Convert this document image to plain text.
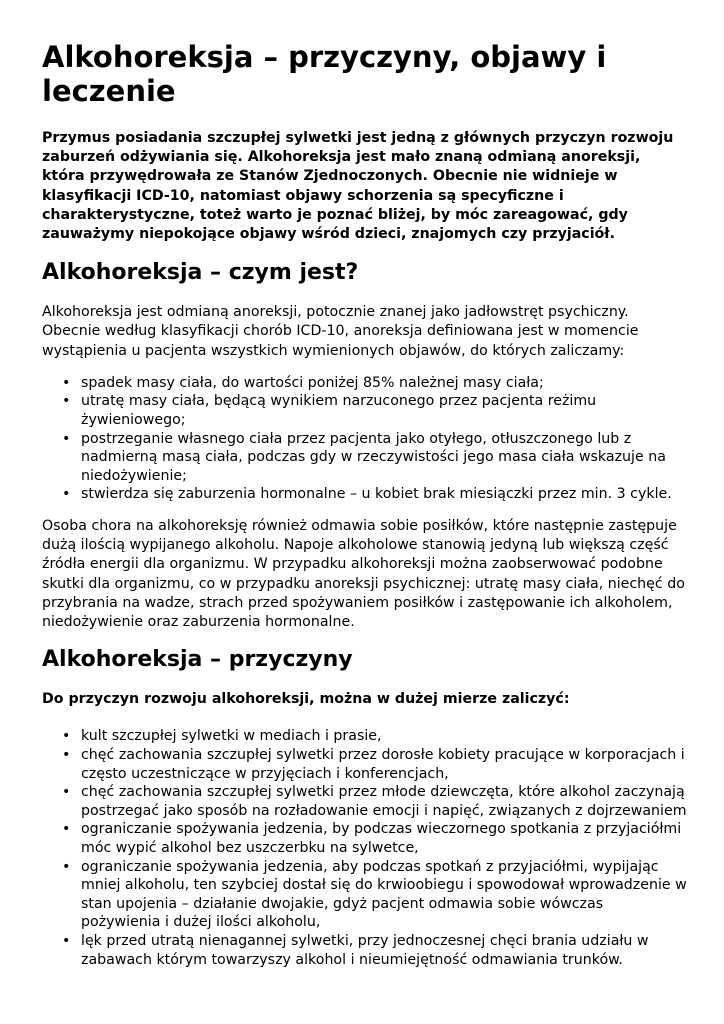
Alkohoreksja – przyczyny, objawy i leczenie
Przymus posiadania szczupłej sylwetki jest jedną z głównych przyczyn rozwoju zaburzeń odżywiania się. Alkohoreksja jest mało znaną odmianą anoreksji, która przywędrowała ze Stanów Zjednoczonych. Obecnie nie widnieje w klasyfikacji ICD-10, natomiast objawy schorzenia są specyficzne i charakterystyczne, toteż warto je poznać bliżej, by móc zareagować, gdy zauważymy niepokojące objawy wśród dzieci, znajomych czy przyjaciół.
Alkohoreksja – czym jest?

Alkohoreksja jest odmianą anoreksji, potocznie znanej jako jadłowstręt psychiczny. Obecnie według klasyfikacji chorób ICD-10, anoreksja definiowana jest w momencie wystąpienia u pacjenta wszystkich wymienionych objawów, do których zaliczamy:

• spadek masy ciała, do wartości poniżej 85% należnej masy ciała;
• utratę masy ciała, będącą wynikiem narzuconego przez pacjenta reżimu żywieniowego;
• postrzeganie własnego ciała przez pacjenta jako otyłego, otłuszczonego lub z nadmierną masą ciała, podczas gdy w rzeczywistości jego masa ciała wskazuje na niedożywienie;
• stwierdza się zaburzenia hormonalne – u kobiet brak miesiączki przez min. 3 cykle.

Osoba chora na alkohoreksję również odmawia sobie posiłków, które następnie zastępuje dużą ilością wypijanego alkoholu. Napoje alkoholowe stanowią jedyną lub większą część źródła energii dla organizmu. W przypadku alkohoreksji można zaobserwować podobne skutki dla organizmu, co w przypadku anoreksji psychicznej: utratę masy ciała, niechęć do przybrania na wadze, strach przed spożywaniem posiłków i zastępowanie ich alkoholem, niedożywienie oraz zaburzenia hormonalne.

Alkohoreksja – przyczyny

Do przyczyn rozwoju alkohoreksji, można w dużej mierze zaliczyć:

• kult szczupłej sylwetki w mediach i prasie,
• chęć zachowania szczupłej sylwetki przez dorosłe kobiety pracujące w korporacjach i często uczestniczące w przyjęciach i konferencjach,
• chęć zachowania szczupłej sylwetki przez młode dziewczęta, które alkohol zaczynają postrzegać jako sposób na rozładowanie emocji i napięć, związanych z dojrzewaniem
• ograniczanie spożywania jedzenia, by podczas wieczornego spotkania z przyjaciółmi móc wypić alkohol bez uszczerbku na sylwetce,
• ograniczanie spożywania jedzenia, aby podczas spotkań z przyjaciółmi, wypijając mniej alkoholu, ten szybciej dostał się do krwioobiegu i spowodował wprowadzenie w stan upojenia – działanie dwojakie, gdyż pacjent odmawia sobie wówczas pożywienia i dużej ilości alkoholu,
• lęk przed utratą nienagannej sylwetki, przy jednoczesnej chęci brania udziału w zabawach którym towarzyszy alkohol i nieumiejętność odmawiania trunków.
